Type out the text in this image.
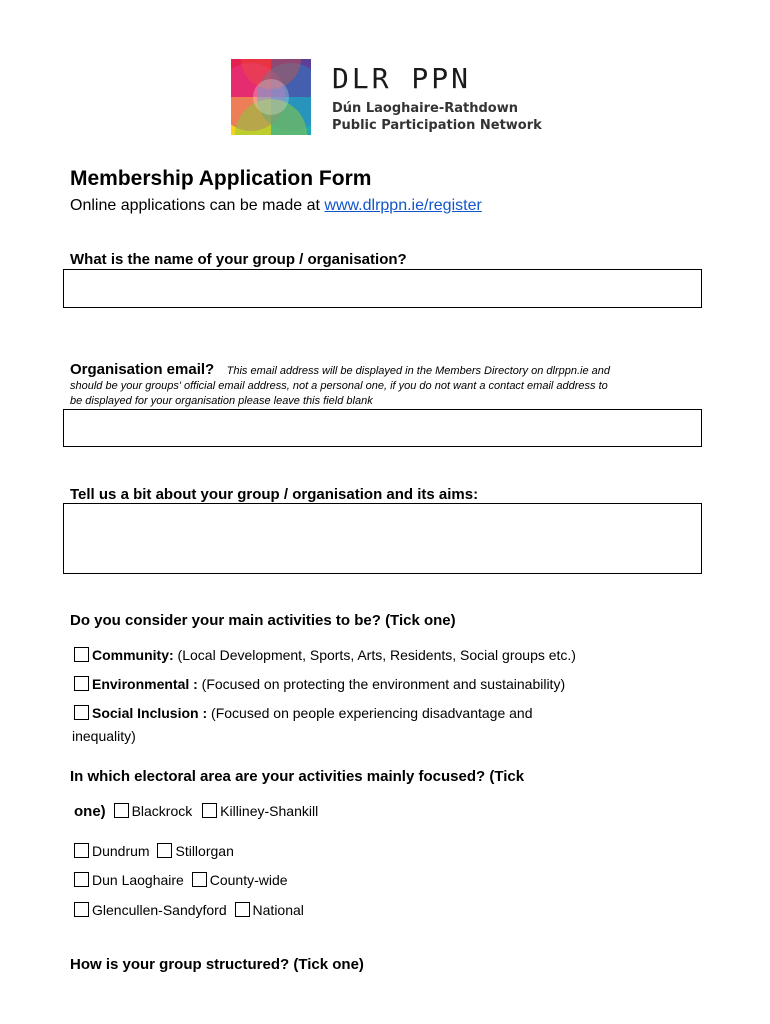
DLR PPN
Dún Laoghaire-Rathdown
Public Participation Network
Membership Application Form
Online applications can be made at www.dlrppn.ie/register
What is the name of your group / organisation?
Organisation email? This email address will be displayed in the Members Directory on dlrppn.ie and
should be your groups' official email address, not a personal one, if you do not want a contact email address to
be displayed for your organisation please leave this field blank
Tell us a bit about your group / organisation and its aims:
Do you consider your main activities to be? (Tick one)
Community: (Local Development, Sports, Arts, Residents, Social groups etc.)
Environmental : (Focused on protecting the environment and sustainability)
Social Inclusion : (Focused on people experiencing disadvantage and
inequality)
In which electoral area are your activities mainly focused? (Tick
one) Blackrock Killiney-Shankill
Dundrum Stillorgan
Dun Laoghaire County-wide
Glencullen-Sandyford National
How is your group structured? (Tick one)
